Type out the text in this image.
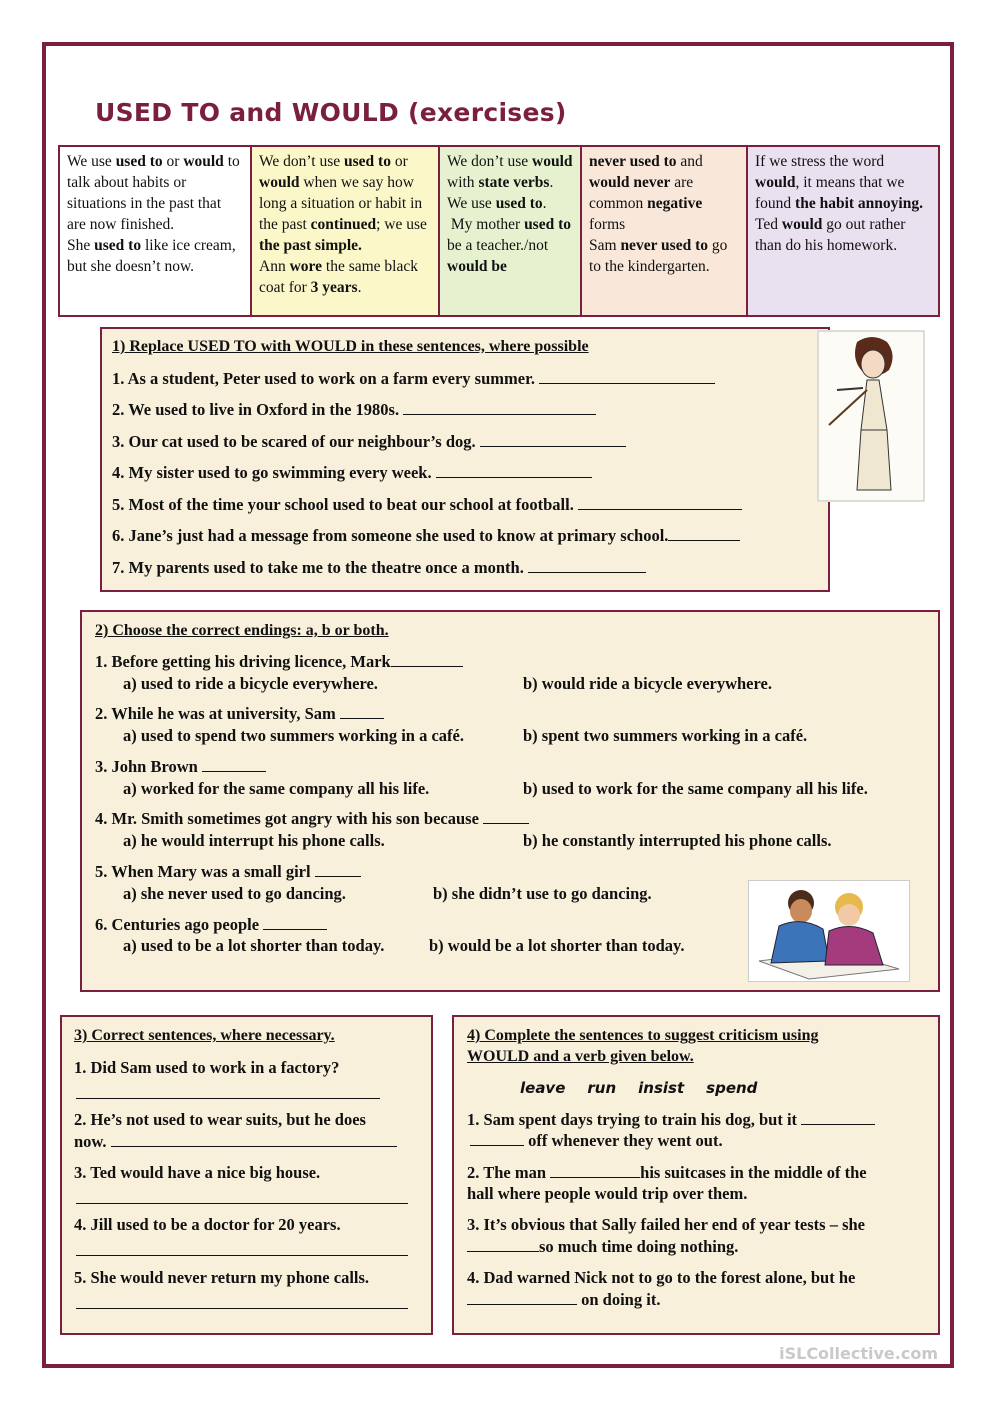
USED TO and WOULD (exercises)
We use used to or would to talk about habits or situations in the past that are now finished.
She used to like ice cream, but she doesn’t now.
We don’t use used to or would when we say how long a situation or habit in the past continued; we use the past simple.
Ann wore the same black coat for 3 years.
We don’t use would with state verbs. We use used to.
My mother used to be a teacher./not would be
never used to and would never are common negative forms
Sam never used to go to the kindergarten.
If we stress the word would, it means that we found the habit annoying.
Ted would go out rather than do his homework.
1) Replace USED TO with WOULD in these sentences, where possible
1. As a student, Peter used to work on a farm every summer.
2. We used to live in Oxford in the 1980s.
3. Our cat used to be scared of our neighbour’s dog.
4. My sister used to go swimming every week.
5. Most of the time your school used to beat our school at football.
6. Jane’s just had a message from someone she used to know at primary school.
7. My parents used to take me to the theatre once a month.
2) Choose the correct endings: a, b or both.
1. Before getting his driving licence, Mark
a) used to ride a bicycle everywhere.	b) would ride a bicycle everywhere.
2. While he was at university, Sam
a) used to spend two summers working in a café.	b) spent two summers working in a café.
3. John Brown
a) worked for the same company all his life.	b) used to work for the same company all his life.
4. Mr. Smith sometimes got angry with his son because
a) he would interrupt his phone calls.	b) he constantly interrupted his phone calls.
5. When Mary was a small girl
a) she never used to go dancing.	b) she didn’t use to go dancing.
6. Centuries ago people
a) used to be a lot shorter than today.	b) would be a lot shorter than today.
3) Correct sentences, where necessary.
1. Did Sam used to work in a factory?
2. He’s not used to wear suits, but he does
now.
3. Ted would have a nice big house.
4. Jill used to be a doctor for 20 years.
5. She would never return my phone calls.
4) Complete the sentences to suggest criticism using
WOULD and a verb given below.
leave run insist spend
1. Sam spent days trying to train his dog, but it
off whenever they went out.
2. The man	his suitcases in the middle of the
hall where people would trip over them.
3. It’s obvious that Sally failed her end of year tests – she
so much time doing nothing.
4. Dad warned Nick not to go to the forest alone, but he
on doing it.
iSLCollective.com
